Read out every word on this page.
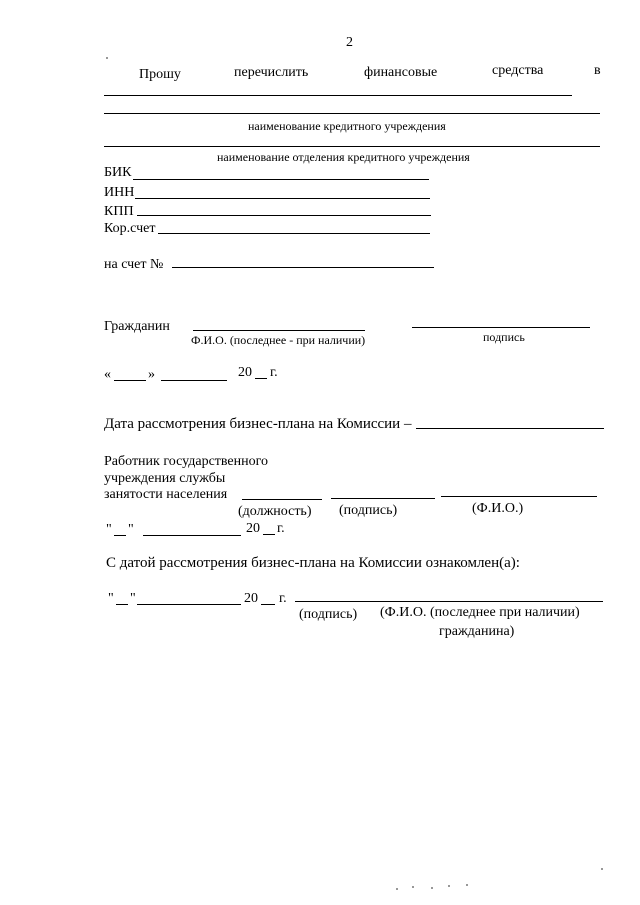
2
Прошу	перечислить	финансовые	средства	в
наименование кредитного учреждения
наименование отделения кредитного учреждения
БИК
ИНН
КПП
Кор.счет
на счет №
Гражданин
Ф.И.О. (последнее - при наличии)	подпись
«	»	20 г.
Дата рассмотрения бизнес-плана на Комиссии –
Работник государственного
учреждения службы
занятости населения
(должность) (подпись)	(Ф.И.О.)
" "	20 г.
С датой рассмотрения бизнес-плана на Комиссии ознакомлен(а):
" "	20 г.
(подпись) (Ф.И.О. (последнее при наличии)
гражданина)
